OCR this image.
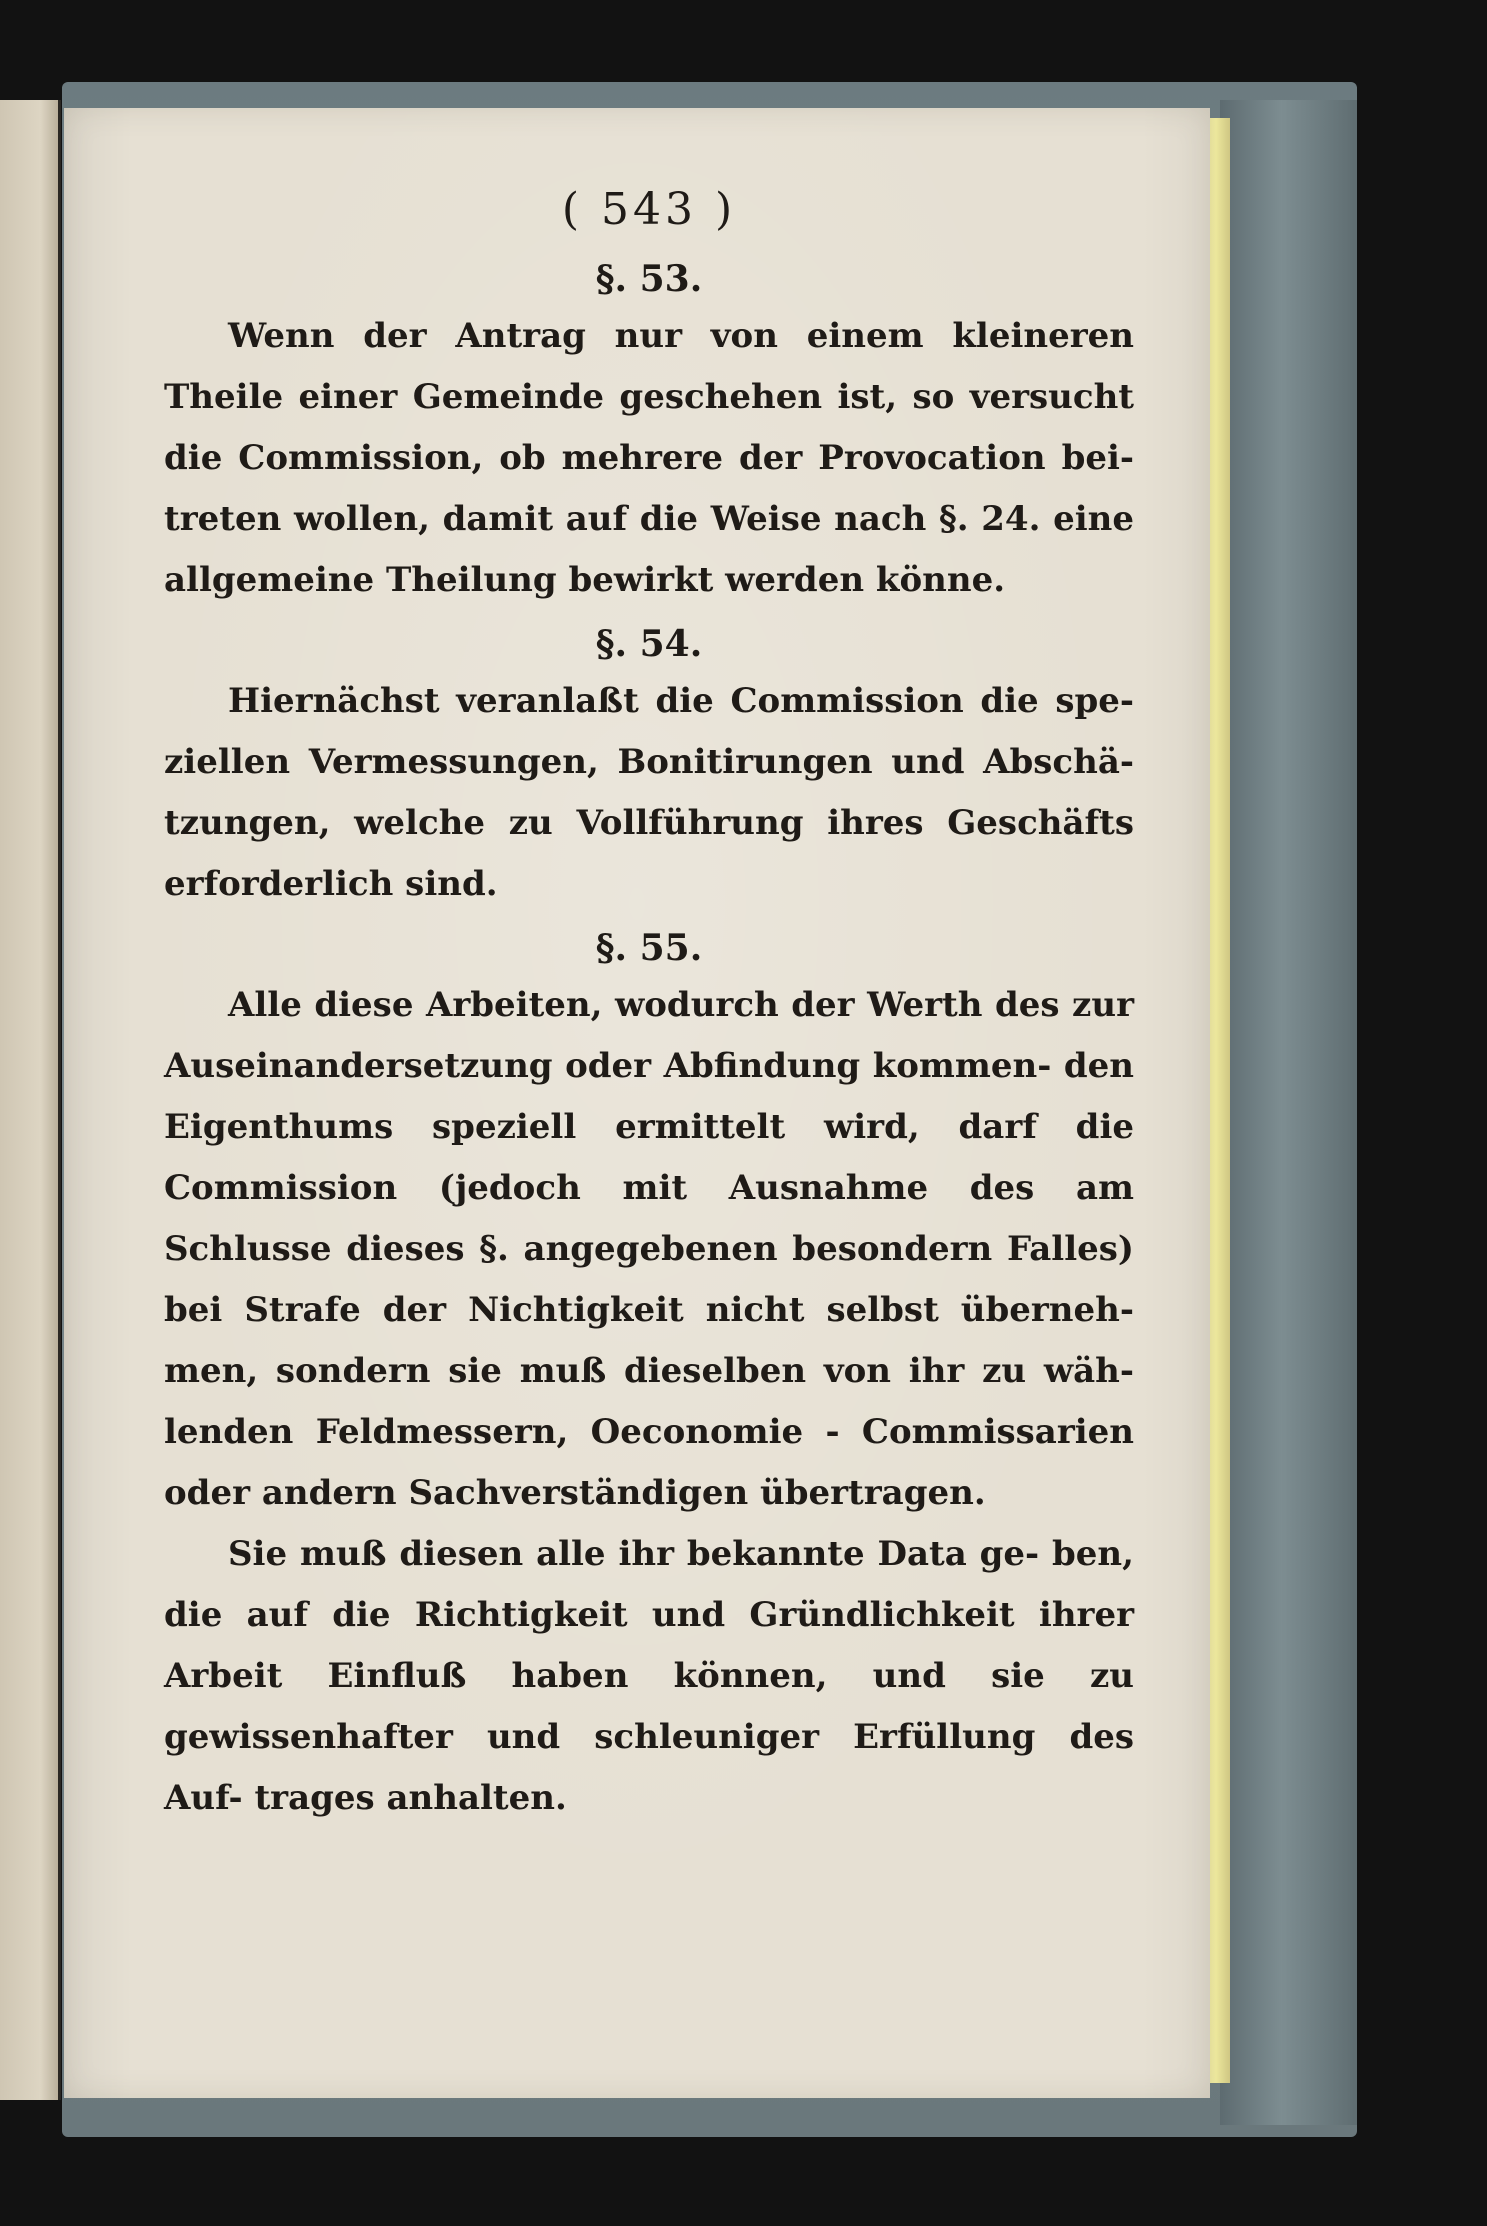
( 543 )
§. 53.

Wenn der Antrag nur von einem kleineren Theile einer Gemeinde geschehen ist, so versucht die Commission, ob mehrere der Provocation bei- treten wollen, damit auf die Weise nach §. 24. eine allgemeine Theilung bewirkt werden könne.

§. 54.

Hiernächst veranlaßt die Commission die spe- ziellen Vermessungen, Bonitirungen und Abschä- tzungen, welche zu Vollführung ihres Geschäfts erforderlich sind.

§. 55.

Alle diese Arbeiten, wodurch der Werth des zur Auseinandersetzung oder Abfindung kommen- den Eigenthums speziell ermittelt wird, darf die Commission (jedoch mit Ausnahme des am Schlusse dieses §. angegebenen besondern Falles) bei Strafe der Nichtigkeit nicht selbst überneh- men, sondern sie muß dieselben von ihr zu wäh- lenden Feldmessern, Oeconomie - Commissarien oder andern Sachverständigen übertragen.

Sie muß diesen alle ihr bekannte Data ge- ben, die auf die Richtigkeit und Gründlichkeit ihrer Arbeit Einfluß haben können, und sie zu gewissenhafter und schleuniger Erfüllung des Auf- trages anhalten.
